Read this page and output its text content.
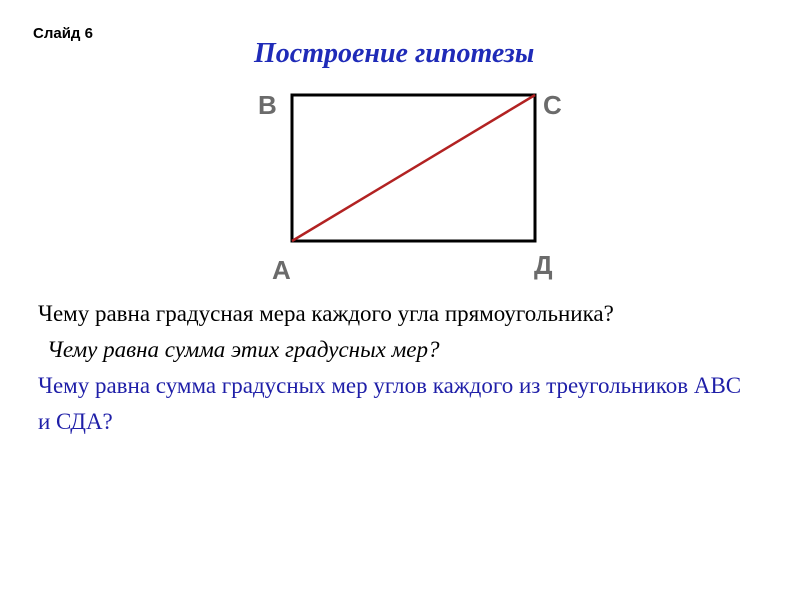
Слайд 6
Построение гипотезы
В	С
А	Д

Чему равна градусная мера каждого угла прямоугольника?

Чему равна сумма этих градусных мер?

Чему равна сумма градусных мер углов каждого из треугольников АВС и СДА?
